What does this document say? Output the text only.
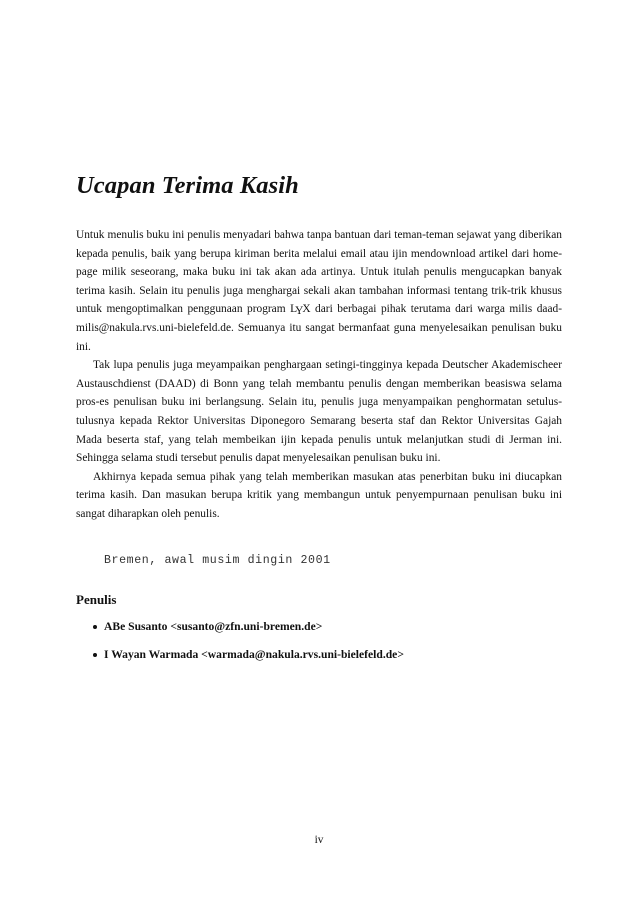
Ucapan Terima Kasih

Untuk menulis buku ini penulis menyadari bahwa tanpa bantuan dari teman-teman sejawat yang diberikan kepada penulis, baik yang berupa kiriman berita melalui email atau ijin mendownload artikel dari home-page milik seseorang, maka buku ini tak akan ada artinya. Untuk itulah penulis mengucapkan banyak terima kasih. Selain itu penulis juga menghargai sekali akan tambahan informasi tentang trik-trik khusus untuk mengoptimalkan penggunaan program LYX dari berbagai pihak terutama dari warga milis daad-milis@nakula.rvs.uni-bielefeld.de. Semuanya itu sangat bermanfaat guna menyelesaikan penulisan buku ini.

Tak lupa penulis juga meyampaikan penghargaan setingi-tingginya kepada Deutscher Akademischeer Austauschdienst (DAAD) di Bonn yang telah membantu penulis dengan memberikan beasiswa selama pros-es penulisan buku ini berlangsung. Selain itu, penulis juga menyampaikan penghormatan setulus-tulusnya kepada Rektor Universitas Diponegoro Semarang beserta staf dan Rektor Universitas Gajah Mada beserta staf, yang telah membeikan ijin kepada penulis untuk melanjutkan studi di Jerman ini. Sehingga selama studi tersebut penulis dapat menyelesaikan penulisan buku ini.

Akhirnya kepada semua pihak yang telah memberikan masukan atas penerbitan buku ini diucapkan terima kasih. Dan masukan berupa kritik yang membangun untuk penyempurnaan penulisan buku ini sangat diharapkan oleh penulis.

Bremen, awal musim dingin 2001
Penulis
ABe Susanto <susanto@zfn.uni-bremen.de>
I Wayan Warmada <warmada@nakula.rvs.uni-bielefeld.de>
iv
